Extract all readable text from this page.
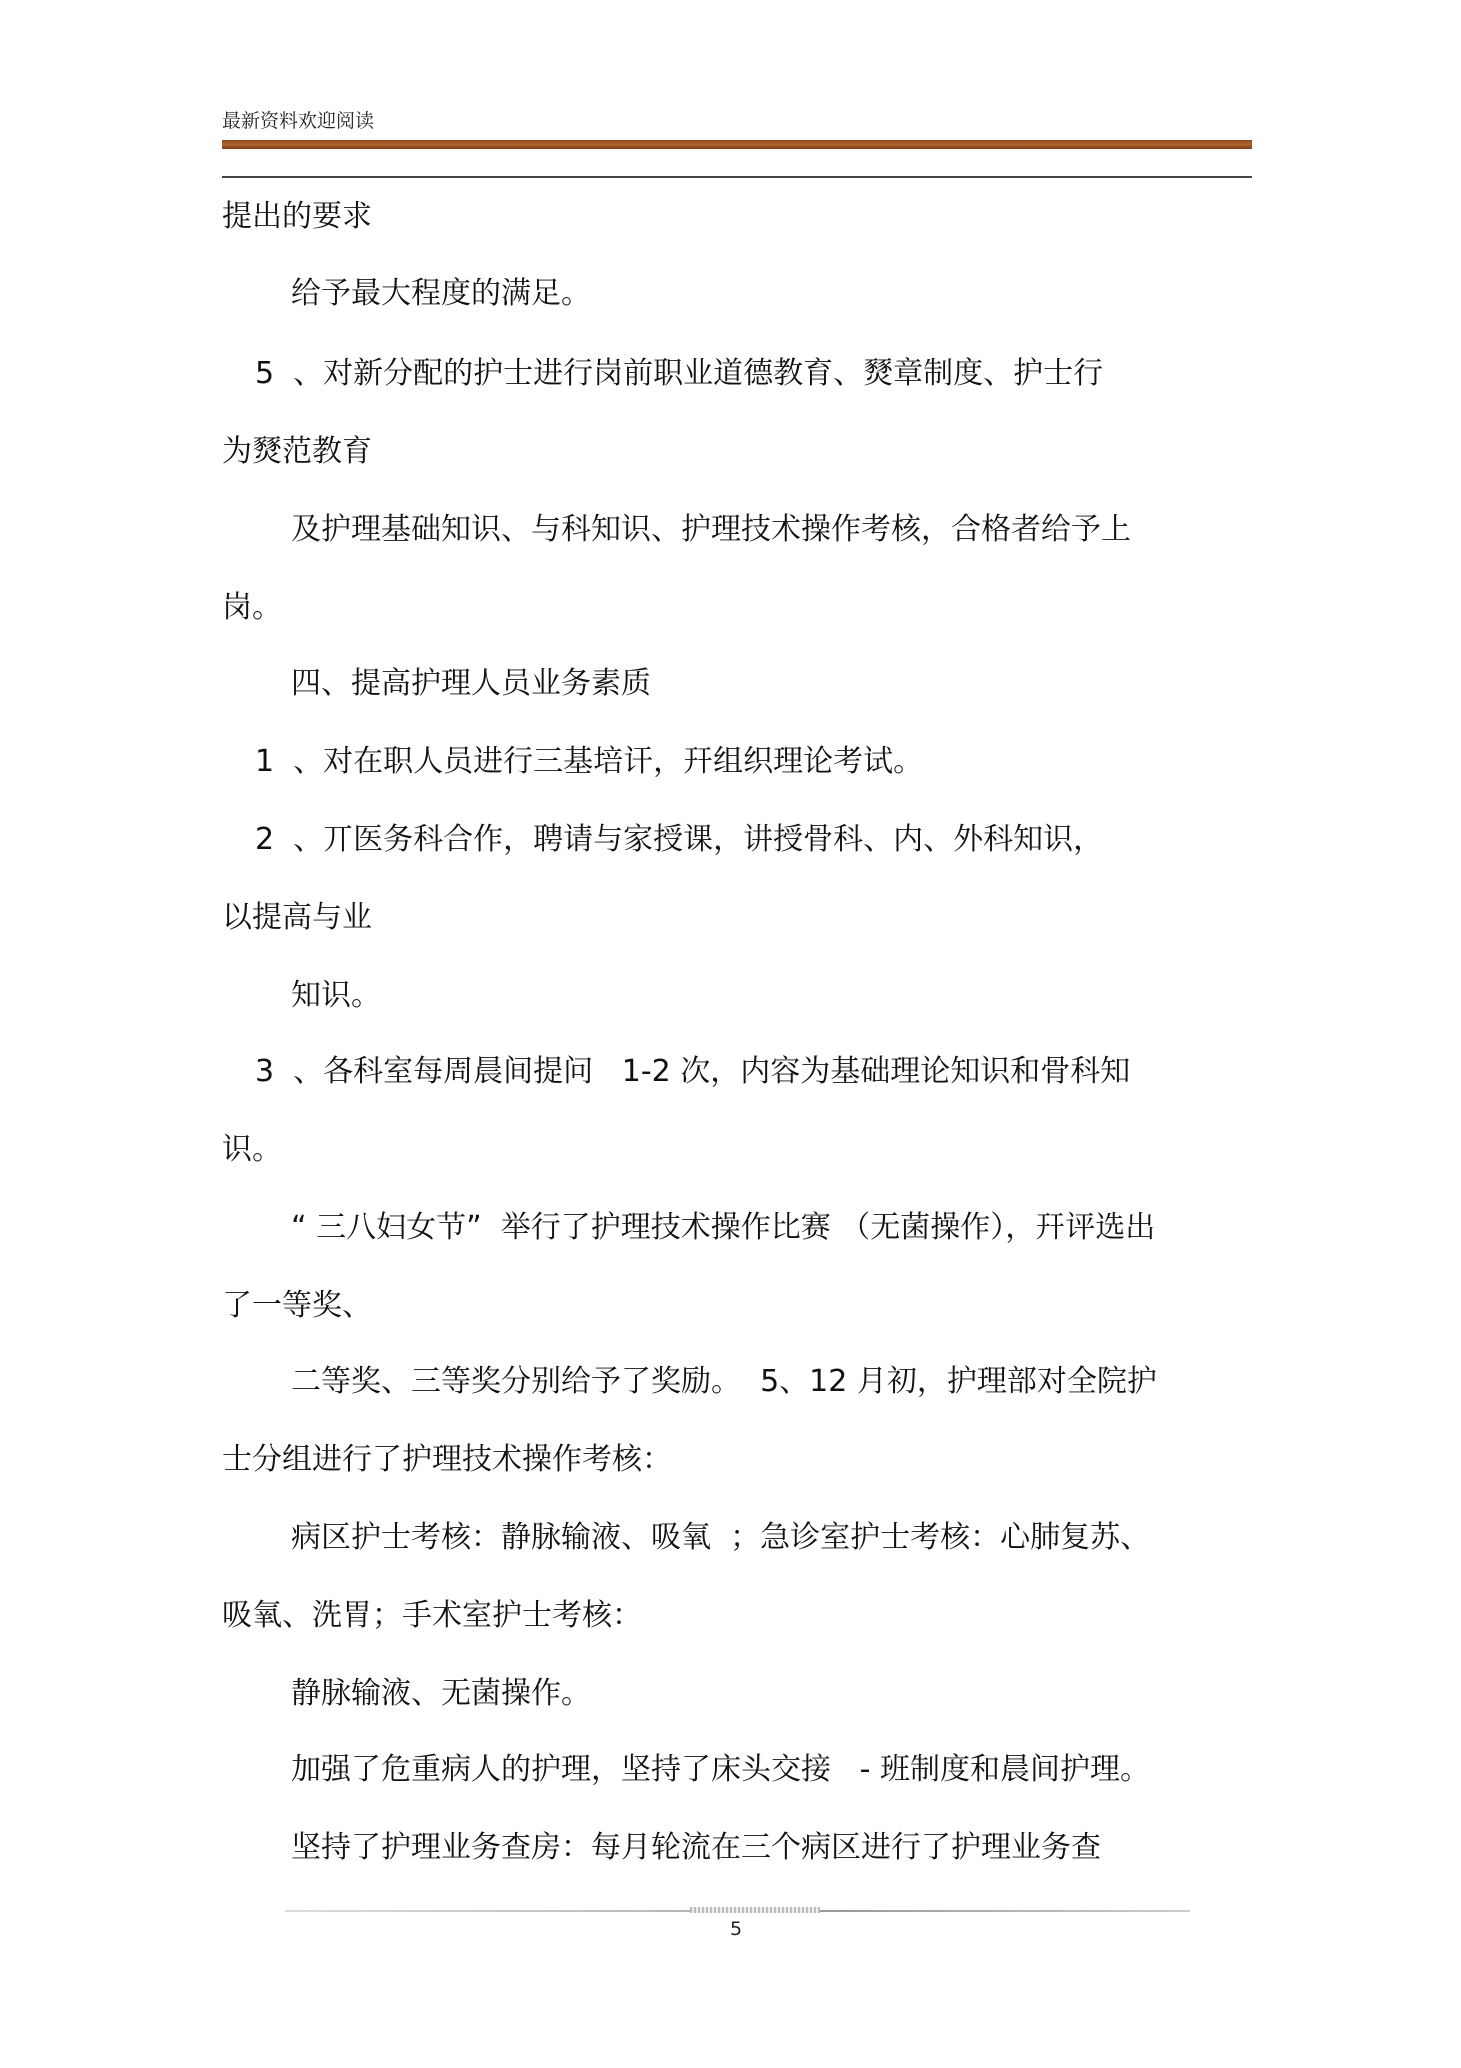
最新资料欢迎阅读
提出的要求
给予最大程度的满足。
5  、对新分配的护士进行岗前职业道德教育、燹章制度、护士行
为燹范教育
及护理基础知识、与科知识、护理技术操作考核，合格者给予上
岗。
四、提高护理人员业务素质
1  、对在职人员进行三基培讦，幵组织理论考试。
2  、丌医务科合作，聘请与家授课，讲授骨科、内、外科知识，
以提高与业
知识。
3  、各科室每周晨间提问   1-2 次，内容为基础理论知识和骨科知
识。
“ 三八妇女节”  举行了护理技术操作比赛 （无菌操作），幵评选出
了一等奖、
二等奖、三等奖分别给予了奖励。  5、12 月初，护理部对全院护
士分组进行了护理技术操作考核：
病区护士考核：静脉输液、吸氧  ；急诊室护士考核：心肺复苏、
吸氧、洗胃；手术室护士考核：
静脉输液、无菌操作。
加强了危重病人的护理，坚持了床头交接   - 班制度和晨间护理。
坚持了护理业务查房：每月轮流在三个病区进行了护理业务查
5
